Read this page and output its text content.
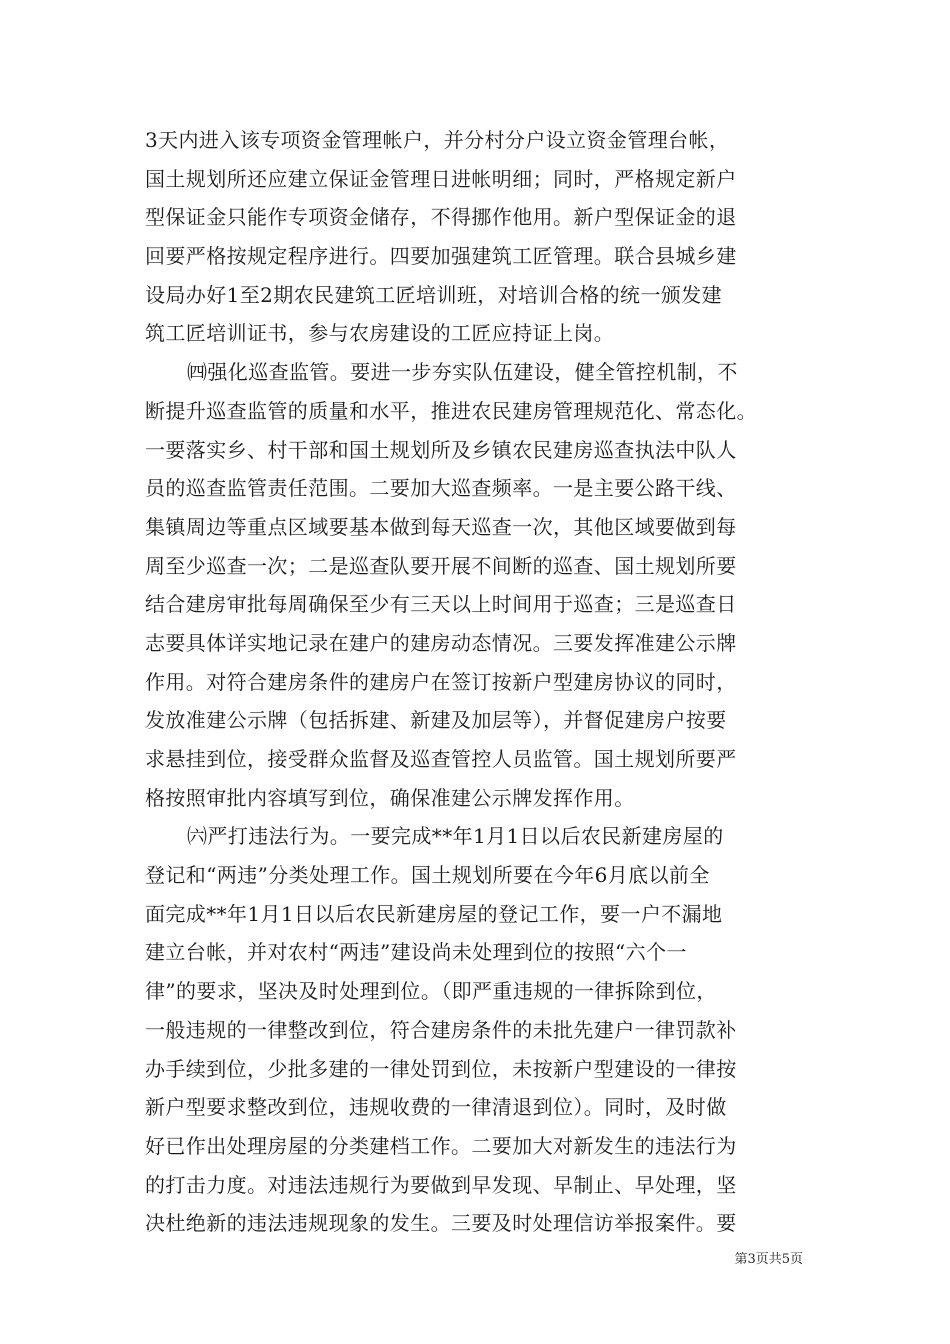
3天内进入该专项资金管理帐户，并分村分户设立资金管理台帐，
国土规划所还应建立保证金管理日进帐明细；同时，严格规定新户
型保证金只能作专项资金储存，不得挪作他用。新户型保证金的退
回要严格按规定程序进行。四要加强建筑工匠管理。联合县城乡建
设局办好1至2期农民建筑工匠培训班，对培训合格的统一颁发建
筑工匠培训证书，参与农房建设的工匠应持证上岗。
㈣强化巡查监管。要进一步夯实队伍建设，健全管控机制，不
断提升巡查监管的质量和水平，推进农民建房管理规范化、常态化。
一要落实乡、村干部和国土规划所及乡镇农民建房巡查执法中队人
员的巡查监管责任范围。二要加大巡查频率。一是主要公路干线、
集镇周边等重点区域要基本做到每天巡查一次，其他区域要做到每
周至少巡查一次；二是巡查队要开展不间断的巡查、国土规划所要
结合建房审批每周确保至少有三天以上时间用于巡查；三是巡查日
志要具体详实地记录在建户的建房动态情况。三要发挥准建公示牌
作用。对符合建房条件的建房户在签订按新户型建房协议的同时，
发放准建公示牌（包括拆建、新建及加层等），并督促建房户按要
求悬挂到位，接受群众监督及巡查管控人员监管。国土规划所要严
格按照审批内容填写到位，确保准建公示牌发挥作用。
㈥严打违法行为。一要完成**年1月1日以后农民新建房屋的
登记和“两违”分类处理工作。国土规划所要在今年6月底以前全
面完成**年1月1日以后农民新建房屋的登记工作，要一户不漏地
建立台帐，并对农村“两违”建设尚未处理到位的按照“六个一
律”的要求，坚决及时处理到位。（即严重违规的一律拆除到位，
一般违规的一律整改到位，符合建房条件的未批先建户一律罚款补
办手续到位，少批多建的一律处罚到位，未按新户型建设的一律按
新户型要求整改到位，违规收费的一律清退到位）。同时，及时做
好已作出处理房屋的分类建档工作。二要加大对新发生的违法行为
的打击力度。对违法违规行为要做到早发现、早制止、早处理，坚
决杜绝新的违法违规现象的发生。三要及时处理信访举报案件。要
第3页共5页
